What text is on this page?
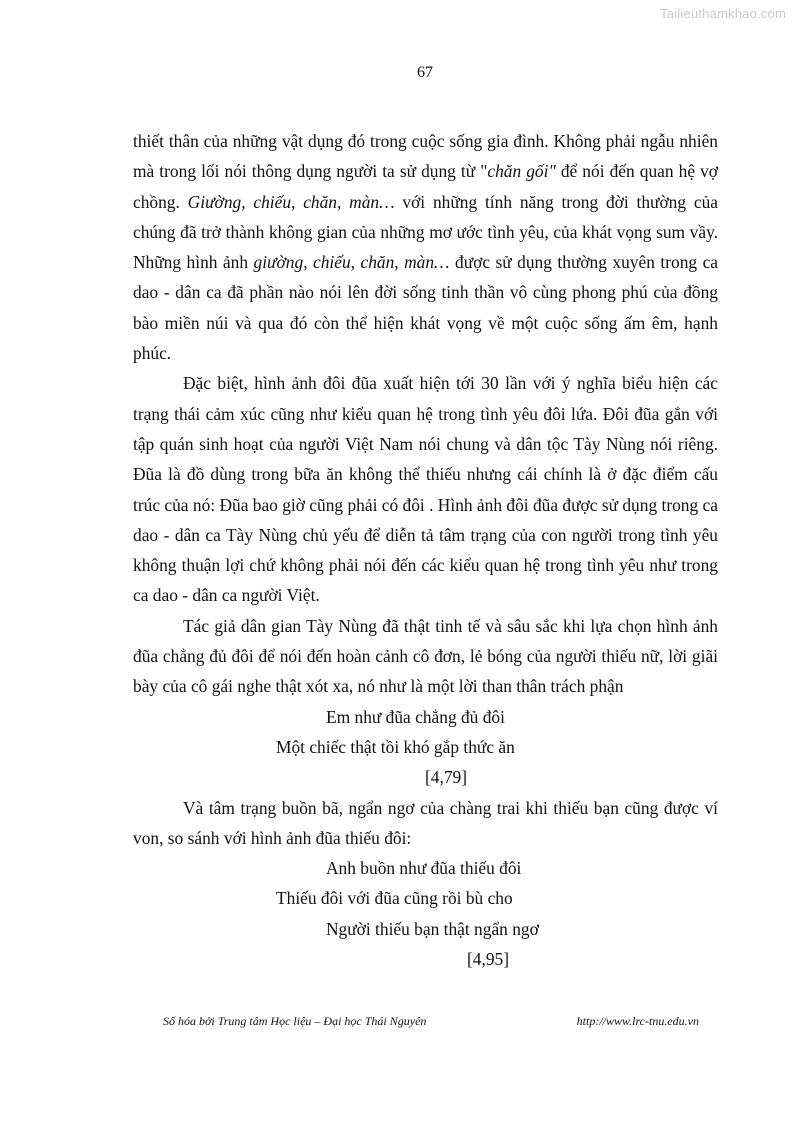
Tailieuthamkhao.com
67

thiết thân của những vật dụng đó trong cuộc sống gia đình. Không phải ngẫu nhiên mà trong lối nói thông dụng người ta sử dụng từ "chăn gối" để nói đến quan hệ vợ chồng. Giường, chiếu, chăn, màn… với những tính năng trong đời thường của chúng đã trở thành không gian của những mơ ước tình yêu, của khát vọng sum vầy. Những hình ảnh giường, chiếu, chăn, màn… được sử dụng thường xuyên trong ca dao - dân ca đã phần nào nói lên đời sống tinh thần vô cùng phong phú của đồng bào miền núi và qua đó còn thể hiện khát vọng về một cuộc sống ấm êm, hạnh phúc.

Đặc biệt, hình ảnh đôi đũa xuất hiện tới 30 lần với ý nghĩa biểu hiện các trạng thái cảm xúc cũng như kiểu quan hệ trong tình yêu đôi lứa. Đôi đũa gắn với tập quán sinh hoạt của người Việt Nam nói chung và dân tộc Tày Nùng nói riêng. Đũa là đồ dùng trong bữa ăn không thể thiếu nhưng cái chính là ở đặc điểm cấu trúc của nó: Đũa bao giờ cũng phải có đôi . Hình ảnh đôi đũa được sử dụng trong ca dao - dân ca Tày Nùng chủ yếu để diễn tả tâm trạng của con người trong tình yêu không thuận lợi chứ không phải nói đến các kiểu quan hệ trong tình yêu như trong ca dao - dân ca người Việt.

Tác giả dân gian Tày Nùng đã thật tinh tế và sâu sắc khi lựa chọn hình ảnh đũa chẳng đủ đôi để nói đến hoàn cảnh cô đơn, lẻ bóng của người thiếu nữ, lời giãi bày của cô gái nghe thật xót xa, nó như là một lời than thân trách phận

Em như đũa chẳng đủ đôi

Một chiếc thật tồi khó gắp thức ăn

[4,79]

Và tâm trạng buồn bã, ngẩn ngơ của chàng trai khi thiếu bạn cũng được ví von, so sánh với hình ảnh đũa thiếu đôi:

Anh buồn như đũa thiếu đôi

Thiếu đôi với đũa cũng rồi bù cho

Người thiếu bạn thật ngẩn ngơ

[4,95]

Số hóa bởi Trung tâm Học liệu – Đại học Thái Nguyên	http://www.lrc-tnu.edu.vn
